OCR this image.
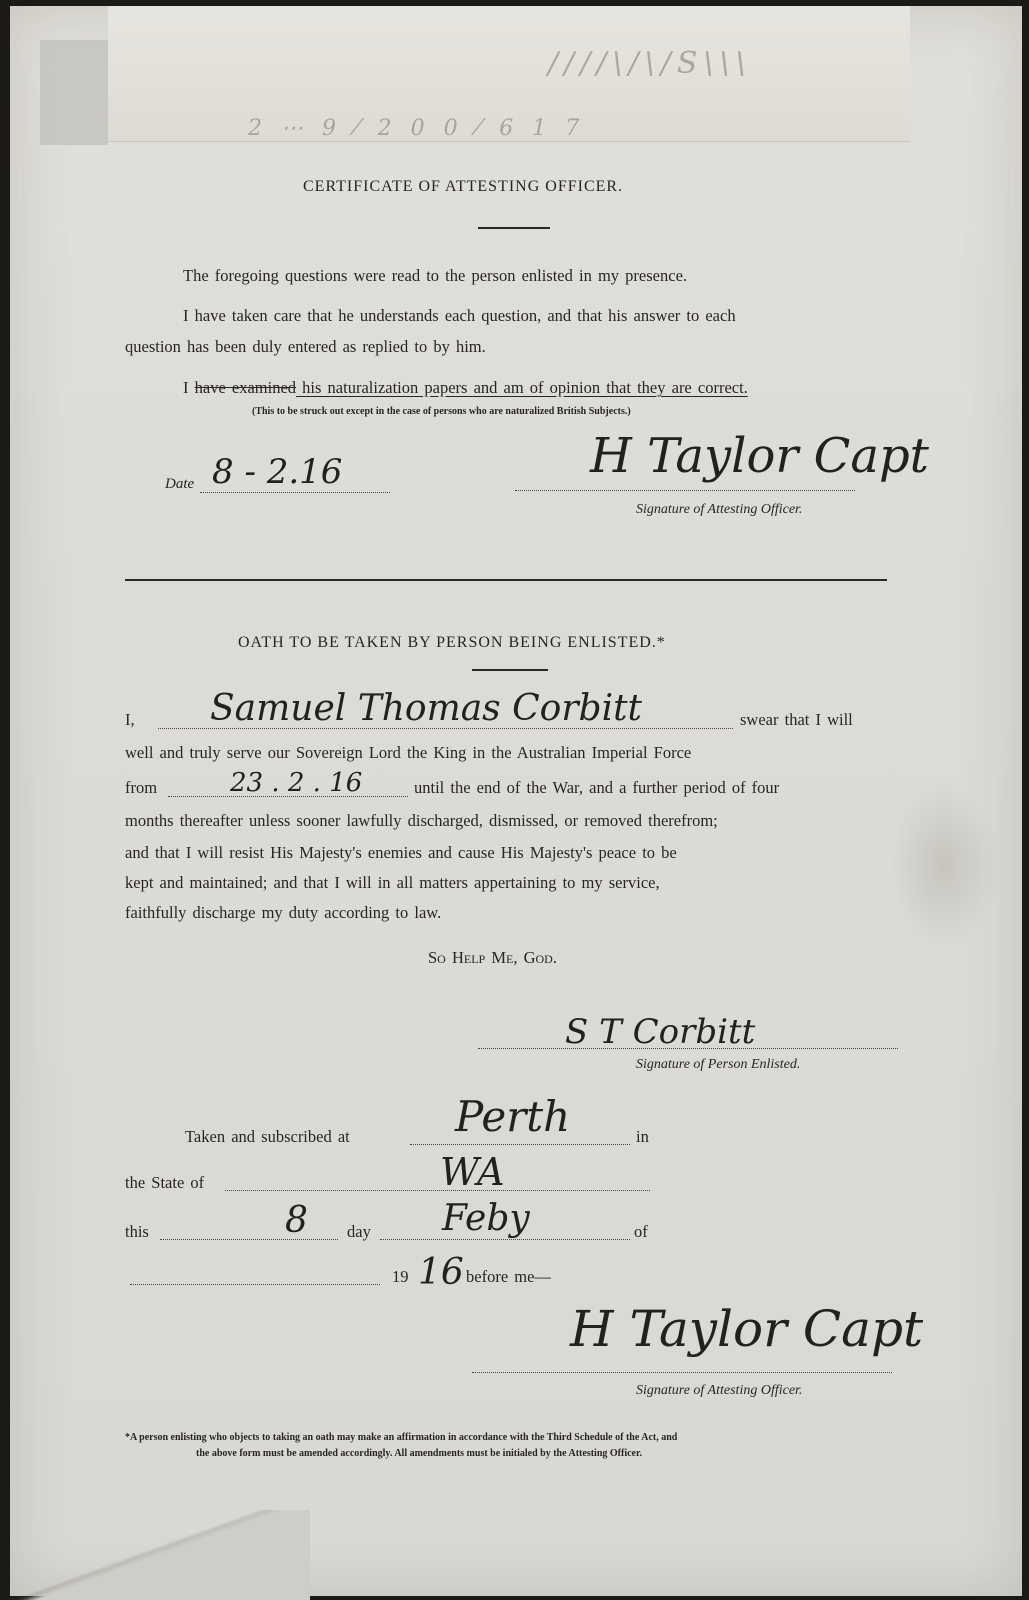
////\/\/S\\\
2 ⋯ 9 ⁄ 2 0 0 ⁄ 6 1 7
CERTIFICATE OF ATTESTING OFFICER.
The foregoing questions were read to the person enlisted in my presence.
I have taken care that he understands each question, and that his answer to each
question has been duly entered as replied to by him.
I have examined his naturalization papers and am of opinion that they are correct.
(This to be struck out except in the case of persons who are naturalized British Subjects.)
Date 8 - 2.16	H Taylor Capt
Signature of Attesting Officer.
OATH TO BE TAKEN BY PERSON BEING ENLISTED.*
I, Samuel Thomas Corbitt	swear that I will
well and truly serve our Sovereign Lord the King in the Australian Imperial Force
from	23 . 2 . 16	until the end of the War, and a further period of four
months thereafter unless sooner lawfully discharged, dismissed, or removed therefrom;
and that I will resist His Majesty's enemies and cause His Majesty's peace to be
kept and maintained; and that I will in all matters appertaining to my service,
faithfully discharge my duty according to law.
So Help Me, God.
S T Corbitt
Signature of Person Enlisted.
Taken and subscribed at	Perth	in
the State of	WA
this	8 day Feby	of
19 16 before me—
H Taylor Capt
Signature of Attesting Officer.
*A person enlisting who objects to taking an oath may make an affirmation in accordance with the Third Schedule of the Act, and
the above form must be amended accordingly. All amendments must be initialed by the Attesting Officer.
